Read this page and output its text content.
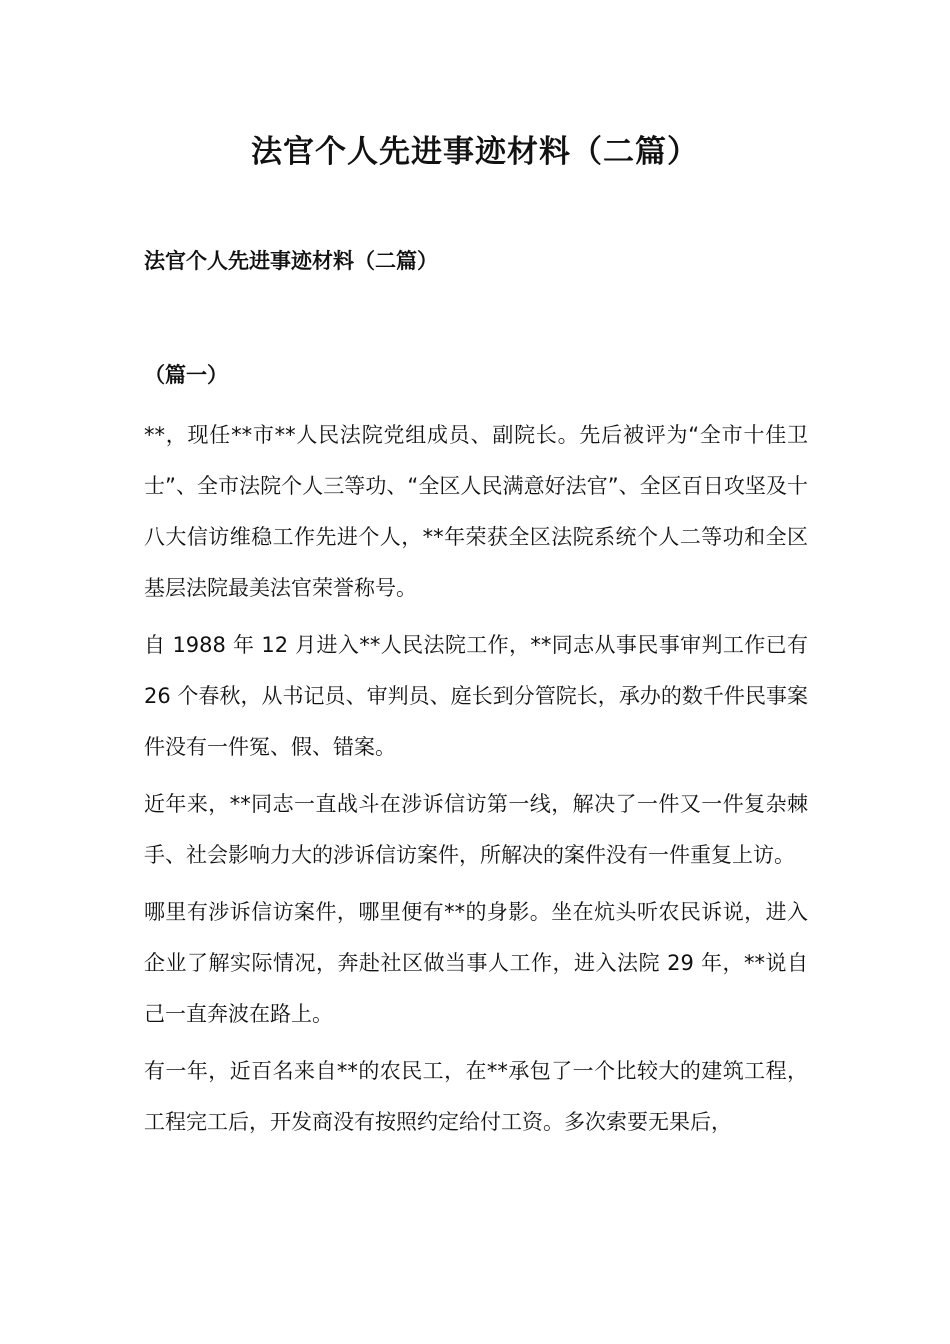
法官个人先进事迹材料（二篇）
法官个人先进事迹材料（二篇）
（篇一）

**，现任**市**人民法院党组成员、副院长。先后被评为“全市十佳卫士”、全市法院个人三等功、“全区人民满意好法官”、全区百日攻坚及十八大信访维稳工作先进个人，**年荣获全区法院系统个人二等功和全区基层法院最美法官荣誉称号。

自 1988 年 12 月进入**人民法院工作，**同志从事民事审判工作已有 26 个春秋，从书记员、审判员、庭长到分管院长，承办的数千件民事案件没有一件冤、假、错案。

近年来，**同志一直战斗在涉诉信访第一线，解决了一件又一件复杂棘手、社会影响力大的涉诉信访案件，所解决的案件没有一件重复上访。

哪里有涉诉信访案件，哪里便有**的身影。坐在炕头听农民诉说，进入企业了解实际情况，奔赴社区做当事人工作，进入法院 29 年，**说自己一直奔波在路上。

有一年，近百名来自**的农民工，在**承包了一个比较大的建筑工程，工程完工后，开发商没有按照约定给付工资。多次索要无果后，
